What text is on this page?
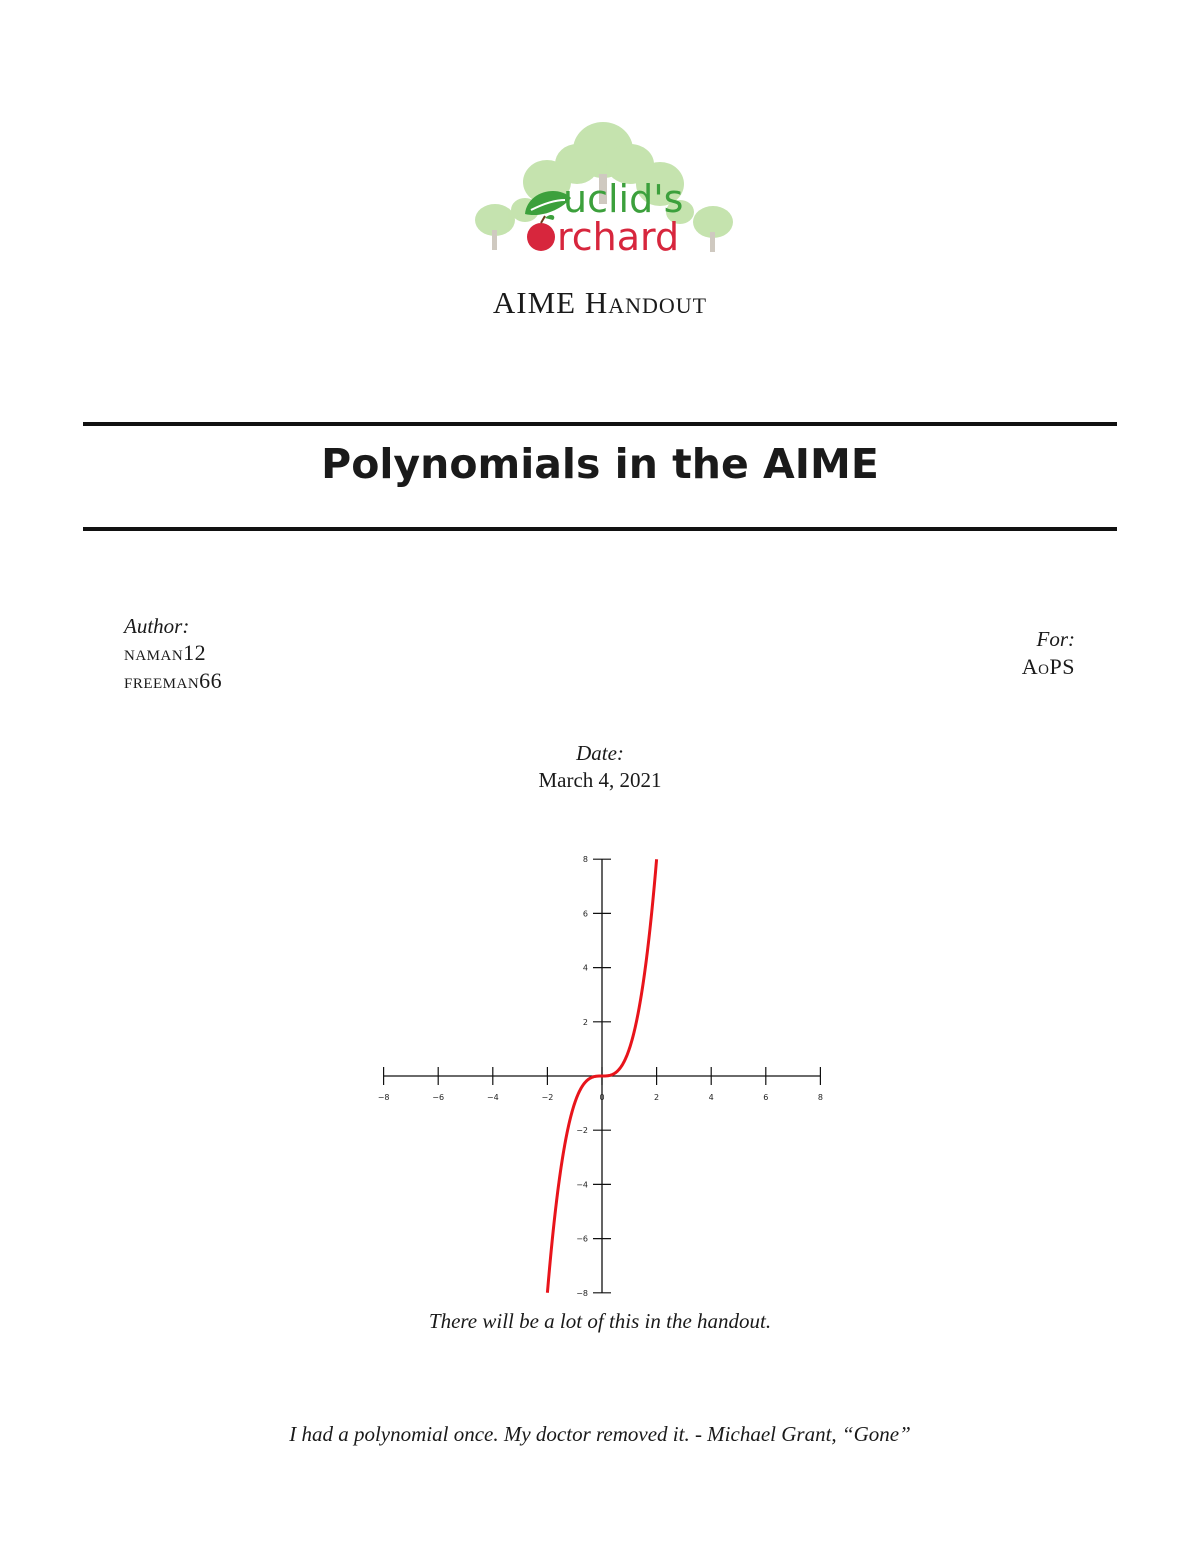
uclid's
rchard
AIME Handout
Polynomials in the AIME
Author:
naman12
freeman66
For:
AoPS
Date:
March 4, 2021
−8	−6	−4	−2	0	2	4	6	8
−8
−6
−4
−2
2
4
6
8
There will be a lot of this in the handout.
I had a polynomial once. My doctor removed it. - Michael Grant, “Gone”
